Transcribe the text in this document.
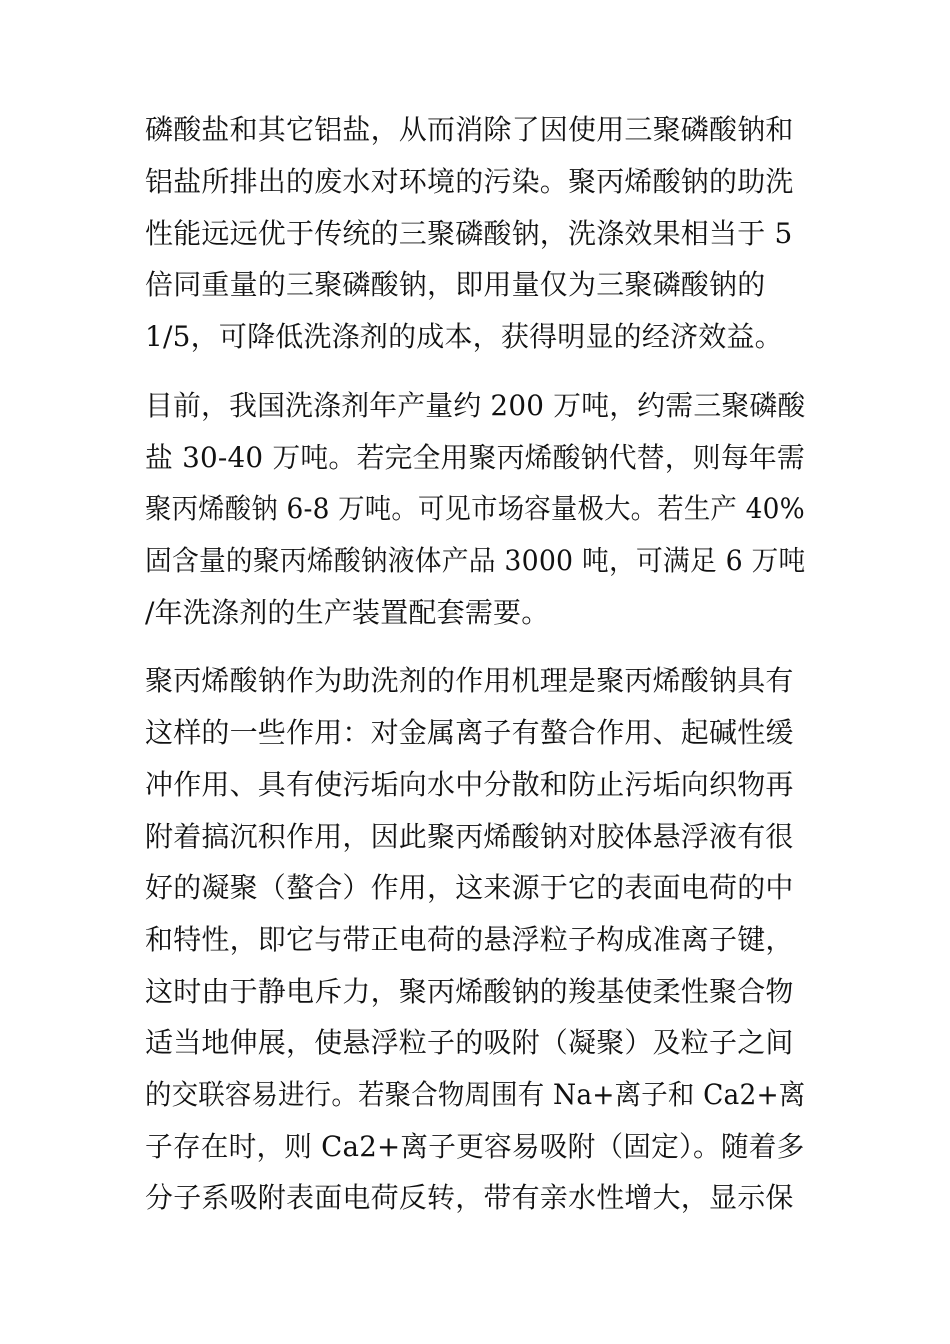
磷酸盐和其它铝盐，从而消除了因使用三聚磷酸钠和
铝盐所排出的废水对环境的污染。聚丙烯酸钠的助洗
性能远远优于传统的三聚磷酸钠，洗涤效果相当于 5
倍同重量的三聚磷酸钠，即用量仅为三聚磷酸钠的
1/5，可降低洗涤剂的成本，获得明显的经济效益。
目前，我国洗涤剂年产量约 200 万吨，约需三聚磷酸
盐 30-40 万吨。若完全用聚丙烯酸钠代替，则每年需
聚丙烯酸钠 6-8 万吨。可见市场容量极大。若生产 40%
固含量的聚丙烯酸钠液体产品 3000 吨，可满足 6 万吨
/年洗涤剂的生产装置配套需要。
聚丙烯酸钠作为助洗剂的作用机理是聚丙烯酸钠具有
这样的一些作用：对金属离子有螯合作用、起碱性缓
冲作用、具有使污垢向水中分散和防止污垢向织物再
附着搞沉积作用，因此聚丙烯酸钠对胶体悬浮液有很
好的凝聚（螯合）作用，这来源于它的表面电荷的中
和特性，即它与带正电荷的悬浮粒子构成准离子键，
这时由于静电斥力，聚丙烯酸钠的羧基使柔性聚合物
适当地伸展，使悬浮粒子的吸附（凝聚）及粒子之间
的交联容易进行。若聚合物周围有 Na+离子和 Ca2+离
子存在时，则 Ca2+离子更容易吸附（固定）。随着多
分子系吸附表面电荷反转，带有亲水性增大，显示保
